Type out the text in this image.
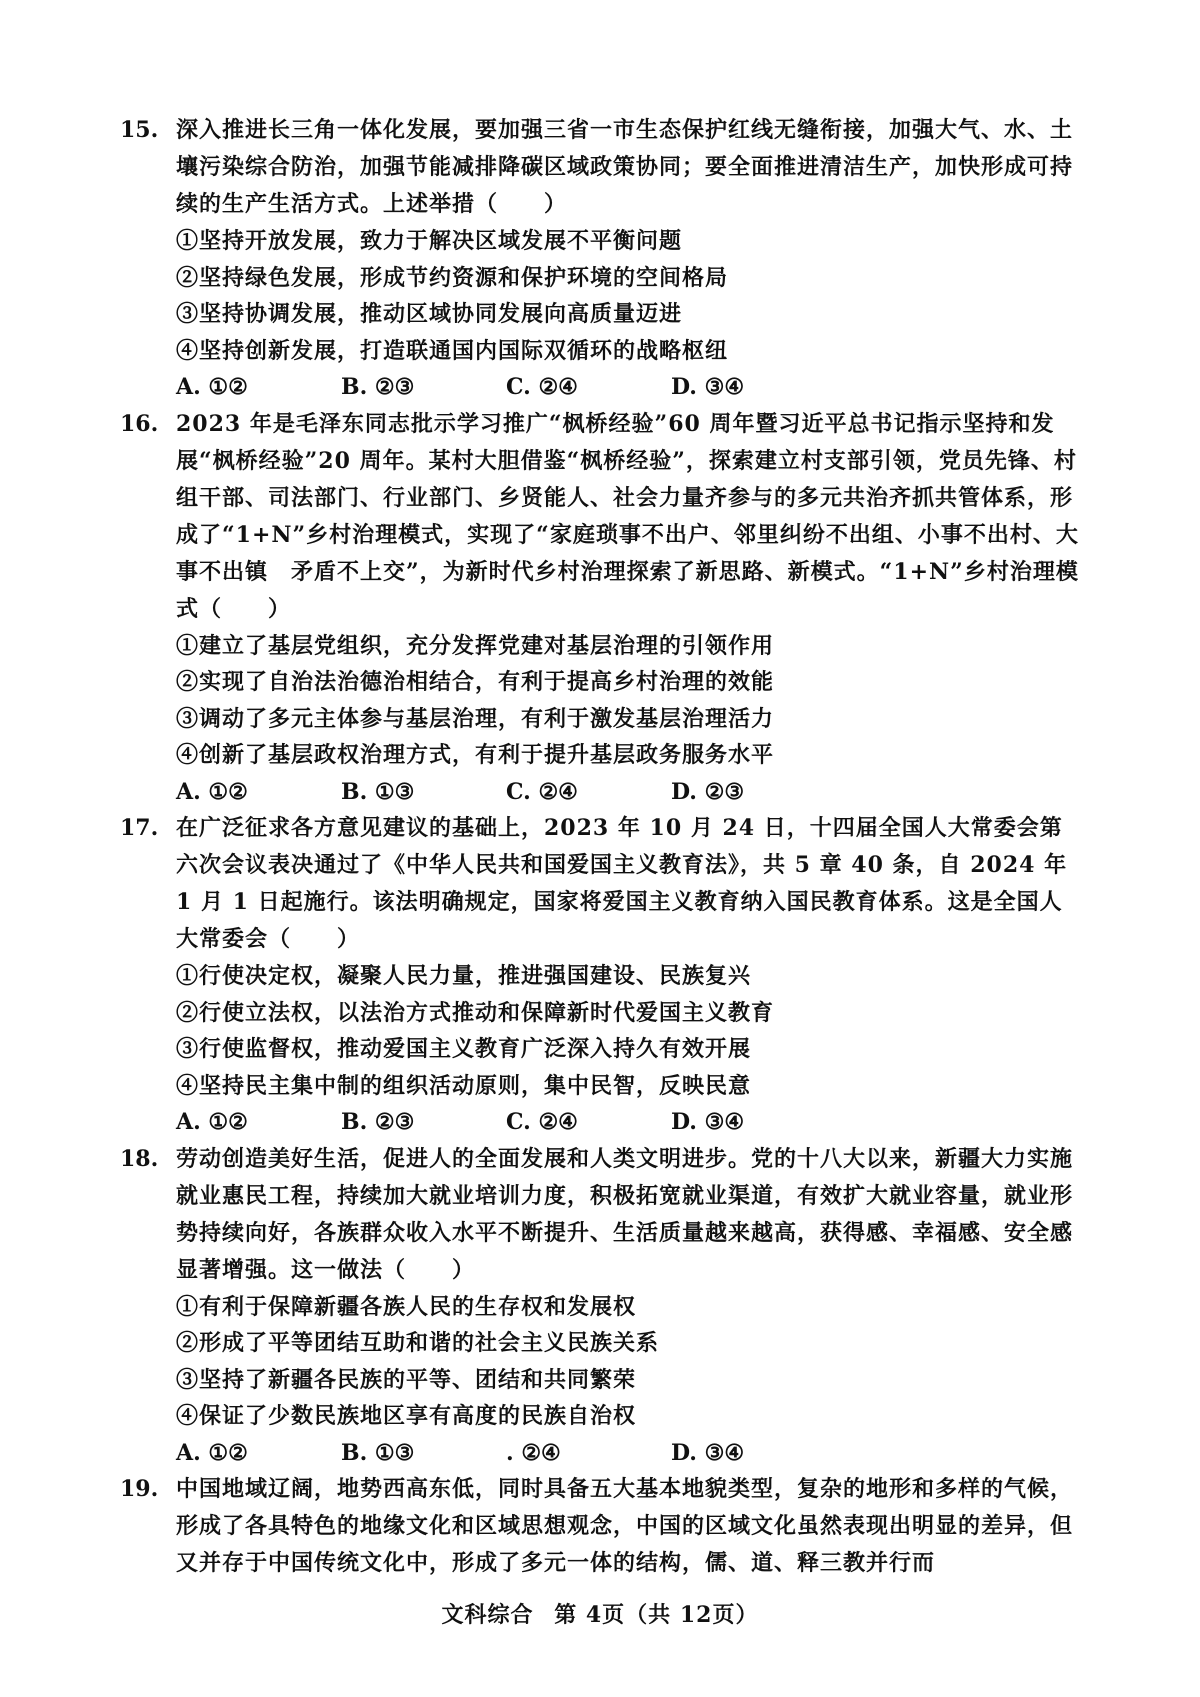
15. 深入推进长三角一体化发展，要加强三省一市生态保护红线无缝衔接，加强大气、水、土壤污染综合防治，加强节能减排降碳区域政策协同；要全面推进清洁生产，加快形成可持续的生产生活方式。上述举措（　　）
①坚持开放发展，致力于解决区域发展不平衡问题
②坚持绿色发展，形成节约资源和保护环境的空间格局
③坚持协调发展，推动区域协同发展向高质量迈进
④坚持创新发展，打造联通国内国际双循环的战略枢纽
A. ①②	B. ②③	C. ②④	D. ③④
16. 2023 年是毛泽东同志批示学习推广“枫桥经验”60 周年暨习近平总书记指示坚持和发展“枫桥经验”20 周年。某村大胆借鉴“枫桥经验”，探索建立村支部引领，党员先锋、村组干部、司法部门、行业部门、乡贤能人、社会力量齐参与的多元共治齐抓共管体系，形成了“1+N”乡村治理模式，实现了“家庭琐事不出户、邻里纠纷不出组、小事不出村、大事不出镇　矛盾不上交”，为新时代乡村治理探索了新思路、新模式。“1+N”乡村治理模式（　　）
①建立了基层党组织，充分发挥党建对基层治理的引领作用
②实现了自治法治德治相结合，有利于提高乡村治理的效能
③调动了多元主体参与基层治理，有利于激发基层治理活力
④创新了基层政权治理方式，有利于提升基层政务服务水平
A. ①②	B. ①③	C. ②④	D. ②③
17. 在广泛征求各方意见建议的基础上，2023 年 10 月 24 日，十四届全国人大常委会第六次会议表决通过了《中华人民共和国爱国主义教育法》，共 5 章 40 条，自 2024 年 1 月 1 日起施行。该法明确规定，国家将爱国主义教育纳入国民教育体系。这是全国人大常委会（　　）
①行使决定权，凝聚人民力量，推进强国建设、民族复兴
②行使立法权，以法治方式推动和保障新时代爱国主义教育
③行使监督权，推动爱国主义教育广泛深入持久有效开展
④坚持民主集中制的组织活动原则，集中民智，反映民意
A. ①②	B. ②③	C. ②④	D. ③④
18. 劳动创造美好生活，促进人的全面发展和人类文明进步。党的十八大以来，新疆大力实施就业惠民工程，持续加大就业培训力度，积极拓宽就业渠道，有效扩大就业容量，就业形势持续向好，各族群众收入水平不断提升、生活质量越来越高，获得感、幸福感、安全感显著增强。这一做法（　　）
①有利于保障新疆各族人民的生存权和发展权
②形成了平等团结互助和谐的社会主义民族关系
③坚持了新疆各民族的平等、团结和共同繁荣
④保证了少数民族地区享有高度的民族自治权
A. ①②	B. ①③	. ②④	D. ③④
19. 中国地域辽阔，地势西高东低，同时具备五大基本地貌类型，复杂的地形和多样的气候，形成了各具特色的地缘文化和区域思想观念，中国的区域文化虽然表现出明显的差异，但又并存于中国传统文化中，形成了多元一体的结构，儒、道、释三教并行而
文科综合 第 4页（共 12页）
